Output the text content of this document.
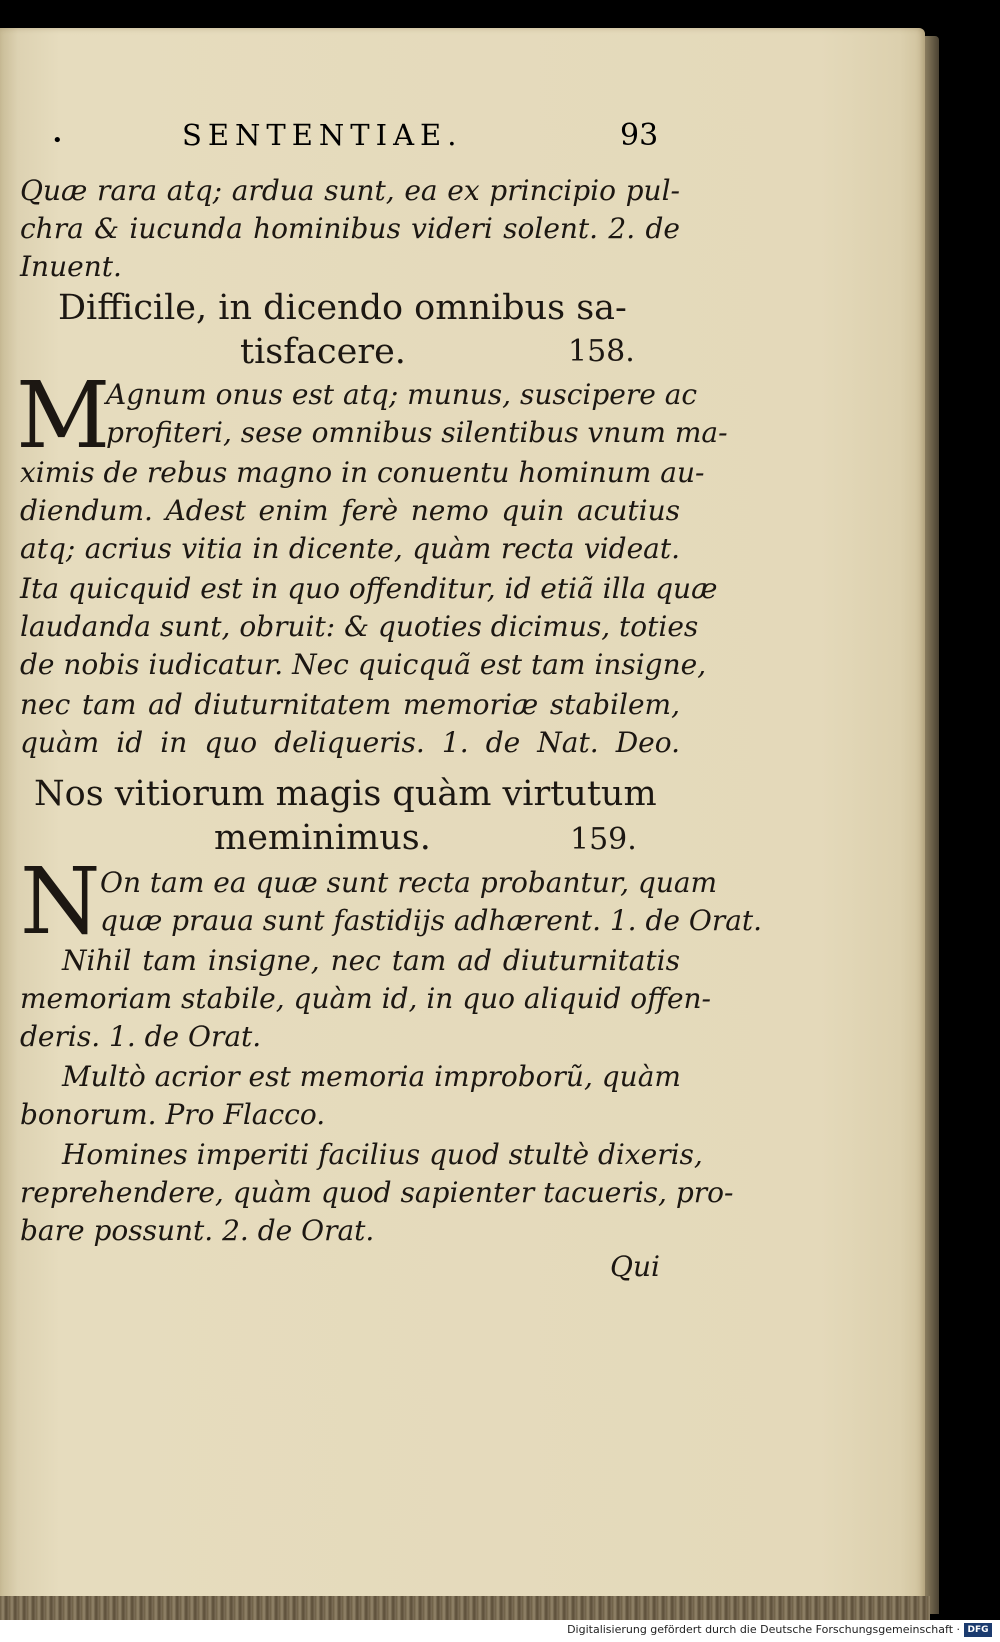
•	SENTENTIAE.	93
Quæ rara atq; ardua sunt, ea ex principio pul-
chra & iucunda hominibus videri solent. 2. de
Inuent.
Difficile, in dicendo omnibus sa-
tisfacere.	158.
M
Agnum onus est atq; munus, suscipere ac
profiteri, sese omnibus silentibus vnum ma-
ximis de rebus magno in conuentu hominum au-
diendum. Adest enim ferè nemo quin acutius
atq; acrius vitia in dicente, quàm recta videat.
Ita quicquid est in quo offenditur, id etiã illa quæ
laudanda sunt, obruit: & quoties dicimus, toties
de nobis iudicatur. Nec quicquã est tam insigne,
nec tam ad diuturnitatem memoriæ stabilem,
quàm id in quo deliqueris. 1. de Nat. Deo.
Nos vitiorum magis quàm virtutum
meminimus.	159.
N On tam ea quæ sunt recta probantur, quam
quæ praua sunt fastidijs adhærent. 1. de Orat.
Nihil tam insigne, nec tam ad diuturnitatis
memoriam stabile, quàm id, in quo aliquid offen-
deris. 1. de Orat.
Multò acrior est memoria improborũ, quàm
bonorum. Pro Flacco.
Homines imperiti facilius quod stultè dixeris,
reprehendere, quàm quod sapienter tacueris, pro-
bare possunt. 2. de Orat.
Qui
Digitalisierung gefördert durch die Deutsche Forschungsgemeinschaft · DFG
